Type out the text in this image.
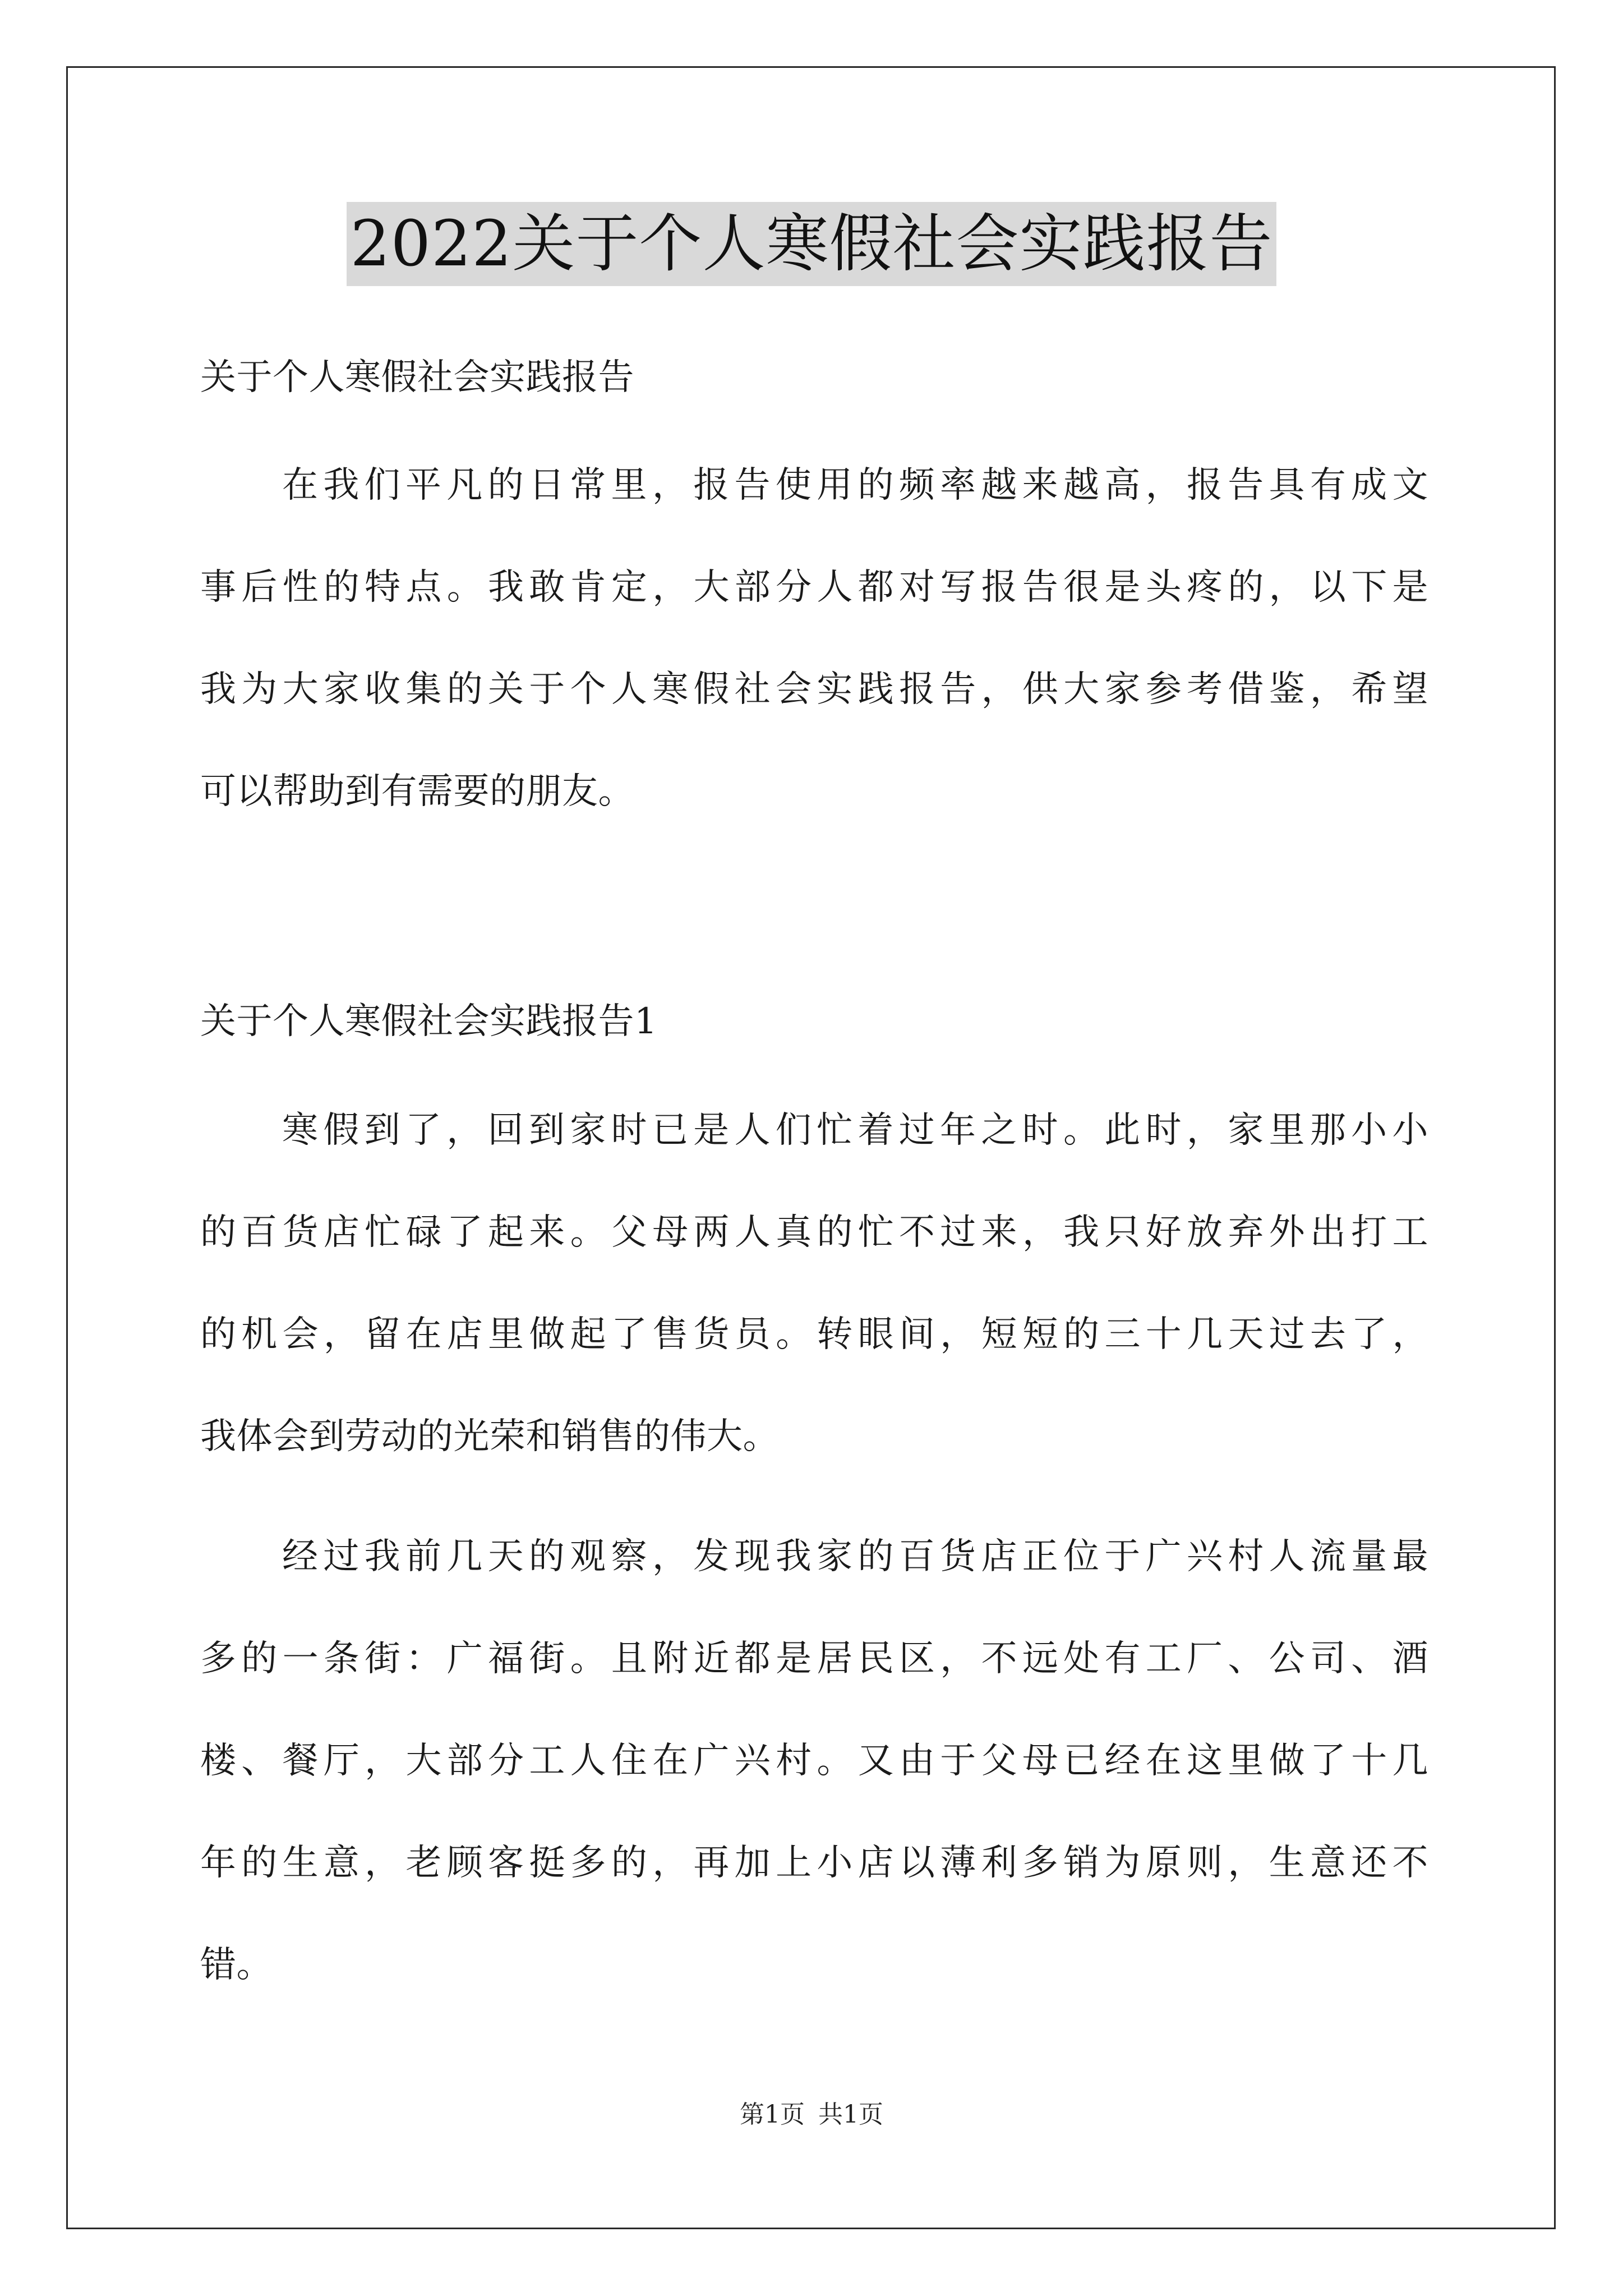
2022关于个人寒假社会实践报告
关于个人寒假社会实践报告
在我们平凡的日常里，报告使用的频率越来越高，报告具有成文
事后性的特点。我敢肯定，大部分人都对写报告很是头疼的，以下是
我为大家收集的关于个人寒假社会实践报告，供大家参考借鉴，希望
可以帮助到有需要的朋友。
关于个人寒假社会实践报告1
寒假到了，回到家时已是人们忙着过年之时。此时，家里那小小
的百货店忙碌了起来。父母两人真的忙不过来，我只好放弃外出打工
的机会，留在店里做起了售货员。转眼间，短短的三十几天过去了，
我体会到劳动的光荣和销售的伟大。
经过我前几天的观察，发现我家的百货店正位于广兴村人流量最
多的一条街：广福街。且附近都是居民区，不远处有工厂、公司、酒
楼、餐厅，大部分工人住在广兴村。又由于父母已经在这里做了十几
年的生意，老顾客挺多的，再加上小店以薄利多销为原则，生意还不
错。
第1页 共1页
